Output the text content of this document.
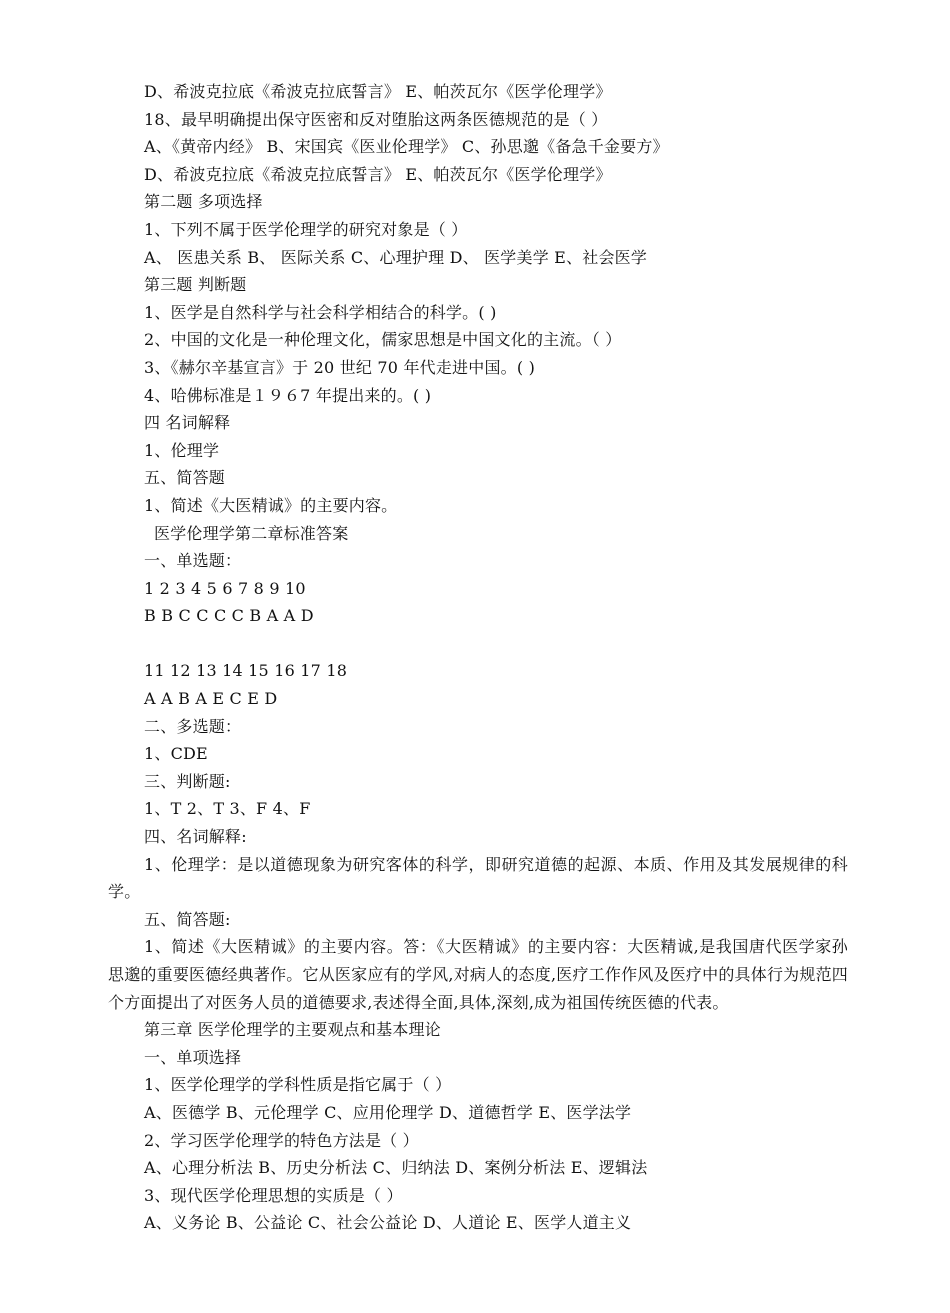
D、希波克拉底《希波克拉底誓言》 E、帕茨瓦尔《医学伦理学》
18、最早明确提出保守医密和反对堕胎这两条医德规范的是（ ）
A、《黄帝内经》 B、宋国宾《医业伦理学》 C、孙思邈《备急千金要方》
D、希波克拉底《希波克拉底誓言》 E、帕茨瓦尔《医学伦理学》
第二题 多项选择
1、下列不属于医学伦理学的研究对象是（ ）
A、 医患关系 B、 医际关系 C、心理护理 D、 医学美学 E、社会医学
第三题 判断题
1、医学是自然科学与社会科学相结合的科学。( )
2、中国的文化是一种伦理文化，儒家思想是中国文化的主流。（ ）
3、《赫尔辛基宣言》于 20 世纪 70 年代走进中国。( )
4、哈佛标准是１９６7 年提出来的。( )
四 名词解释
1、伦理学
五、简答题
1、简述《大医精诚》的主要内容。
医学伦理学第二章标准答案
一、单选题：
1 2 3 4 5 6 7 8 9 10
B B C C C C B A A D
11 12 13 14 15 16 17 18
A A B A E C E D
二、多选题：
1、CDE
三、判断题:
1、T 2、T 3、F 4、F
四、名词解释:
1、伦理学：是以道德现象为研究客体的科学，即研究道德的起源、本质、作用及其发展规律的科学。
五、简答题:
1、简述《大医精诚》的主要内容。答：《大医精诚》的主要内容：大医精诚,是我国唐代医学家孙思邈的重要医德经典著作。它从医家应有的学风,对病人的态度,医疗工作作风及医疗中的具体行为规范四个方面提出了对医务人员的道德要求,表述得全面,具体,深刻,成为祖国传统医德的代表。
第三章 医学伦理学的主要观点和基本理论
一、单项选择
1、医学伦理学的学科性质是指它属于（ ）
A、医德学 B、元伦理学 C、应用伦理学 D、道德哲学 E、医学法学
2、学习医学伦理学的特色方法是（ ）
A、心理分析法 B、历史分析法 C、归纳法 D、案例分析法 E、逻辑法
3、现代医学伦理思想的实质是（ ）
A、义务论 B、公益论 C、社会公益论 D、人道论 E、医学人道主义
